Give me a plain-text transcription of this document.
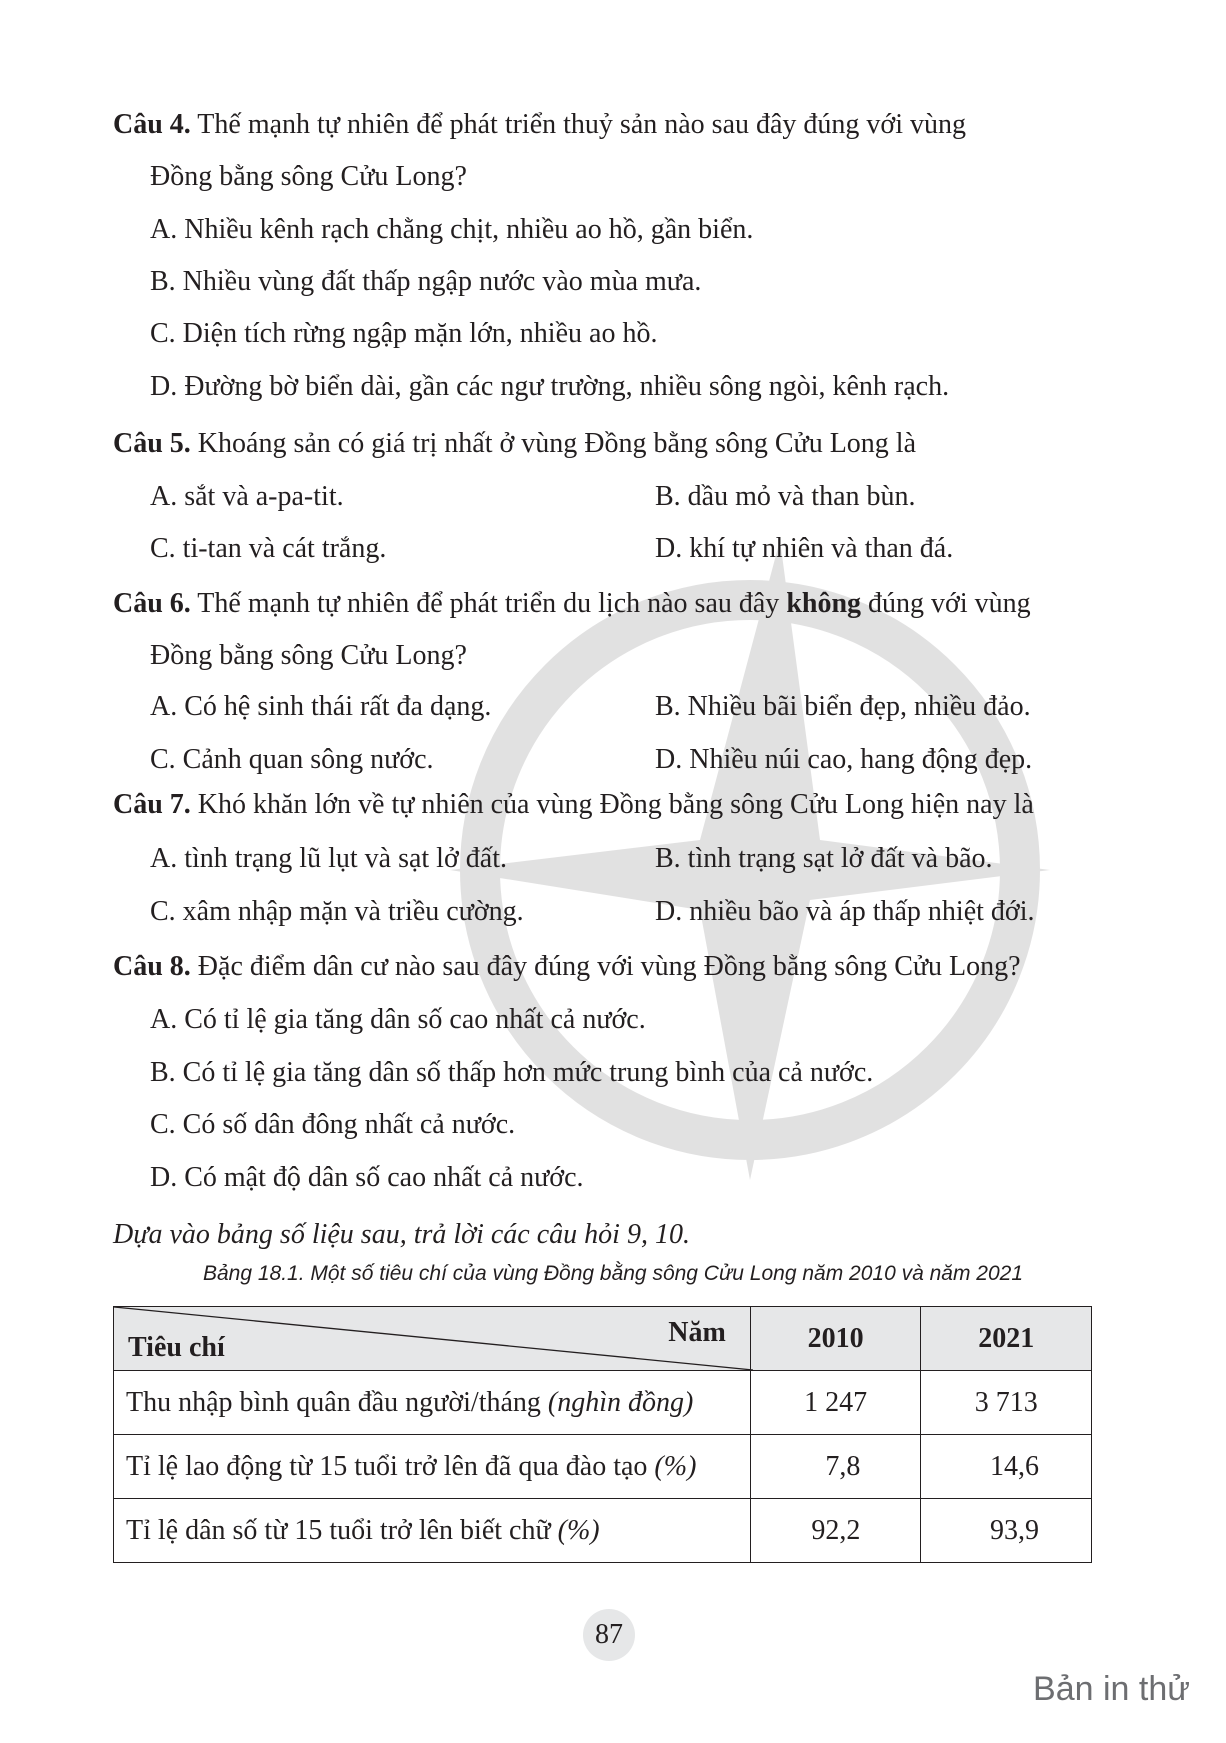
Câu 4. Thế mạnh tự nhiên để phát triển thuỷ sản nào sau đây đúng với vùng
Đồng bằng sông Cửu Long?
A. Nhiều kênh rạch chằng chịt, nhiều ao hồ, gần biển.
B. Nhiều vùng đất thấp ngập nước vào mùa mưa.
C. Diện tích rừng ngập mặn lớn, nhiều ao hồ.
D. Đường bờ biển dài, gần các ngư trường, nhiều sông ngòi, kênh rạch.
Câu 5. Khoáng sản có giá trị nhất ở vùng Đồng bằng sông Cửu Long là
A. sắt và a-pa-tit.	B. dầu mỏ và than bùn.
C. ti-tan và cát trắng.	D. khí tự nhiên và than đá.
Câu 6. Thế mạnh tự nhiên để phát triển du lịch nào sau đây không đúng với vùng
Đồng bằng sông Cửu Long?
A. Có hệ sinh thái rất đa dạng.	B. Nhiều bãi biển đẹp, nhiều đảo.
C. Cảnh quan sông nước.	D. Nhiều núi cao, hang động đẹp.
Câu 7. Khó khăn lớn về tự nhiên của vùng Đồng bằng sông Cửu Long hiện nay là
A. tình trạng lũ lụt và sạt lở đất.	B. tình trạng sạt lở đất và bão.
C. xâm nhập mặn và triều cường.	D. nhiều bão và áp thấp nhiệt đới.
Câu 8. Đặc điểm dân cư nào sau đây đúng với vùng Đồng bằng sông Cửu Long?
A. Có tỉ lệ gia tăng dân số cao nhất cả nước.
B. Có tỉ lệ gia tăng dân số thấp hơn mức trung bình của cả nước.
C. Có số dân đông nhất cả nước.
D. Có mật độ dân số cao nhất cả nước.
Dựa vào bảng số liệu sau, trả lời các câu hỏi 9, 10.
Bảng 18.1. Một số tiêu chí của vùng Đồng bằng sông Cửu Long năm 2010 và năm 2021
Tiêu chí Năm	2010	2021
Thu nhập bình quân đầu người/tháng (nghìn đồng)	1 247	3 713
Tỉ lệ lao động từ 15 tuổi trở lên đã qua đào tạo (%)	7,8	14,6
Tỉ lệ dân số từ 15 tuổi trở lên biết chữ (%)	92,2	93,9
87
Bản in thử
